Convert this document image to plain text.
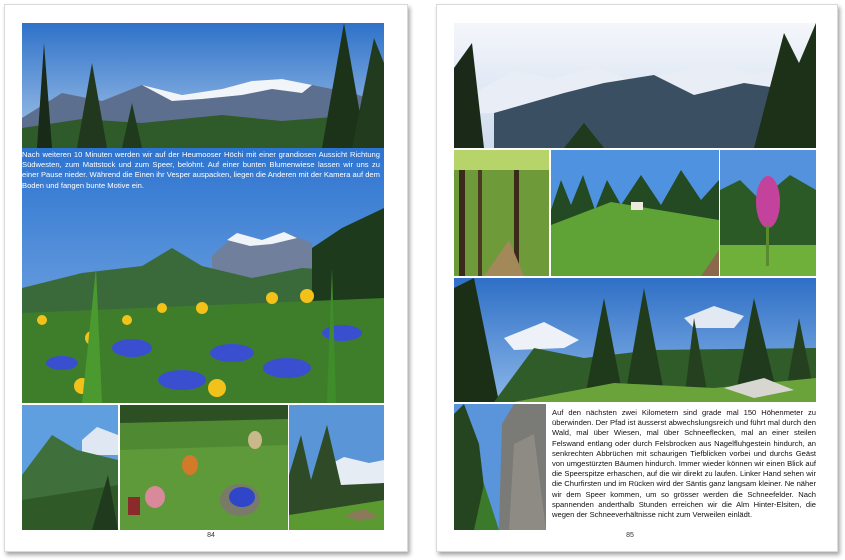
Nach weiteren 10 Minuten werden wir auf der Heumooser Höchi mit einer grandiosen Aussicht Richtung Südwesten, zum Mattstock und zum Speer, belohnt. Auf einer bunten Blumenwiese lassen wir uns zu einer Pause nieder. Während die Einen ihr Vesper auspacken, liegen die Anderen mit der Kamera auf dem Boden und fangen bunte Motive ein.
84
Auf den nächsten zwei Kilometern sind grade mal 150 Höhenmeter zu überwinden. Der Pfad ist äusserst abwechslungsreich und führt mal durch den Wald, mal über Wiesen, mal über Schneeflecken, mal an einer steilen Felswand entlang oder durch Felsbrocken aus Nagelfluhgestein hindurch, an senkrechten Abbrüchen mit schaurigen Tiefblicken vorbei und durchs Geäst von umgestürzten Bäumen hindurch. Immer wieder können wir einen Blick auf die Speerspitze erhaschen, auf die wir direkt zu laufen. Linker Hand sehen wir die Churfirsten und im Rücken wird der Säntis ganz langsam kleiner. Ne näher wir dem Speer kommen, um so grösser werden die Schneefelder. Nach spannenden anderthalb Stunden erreichen wir die Alm Hinter-Elsiten, die wegen der Schneeverhältnisse nicht zum Verweilen einlädt.
85
